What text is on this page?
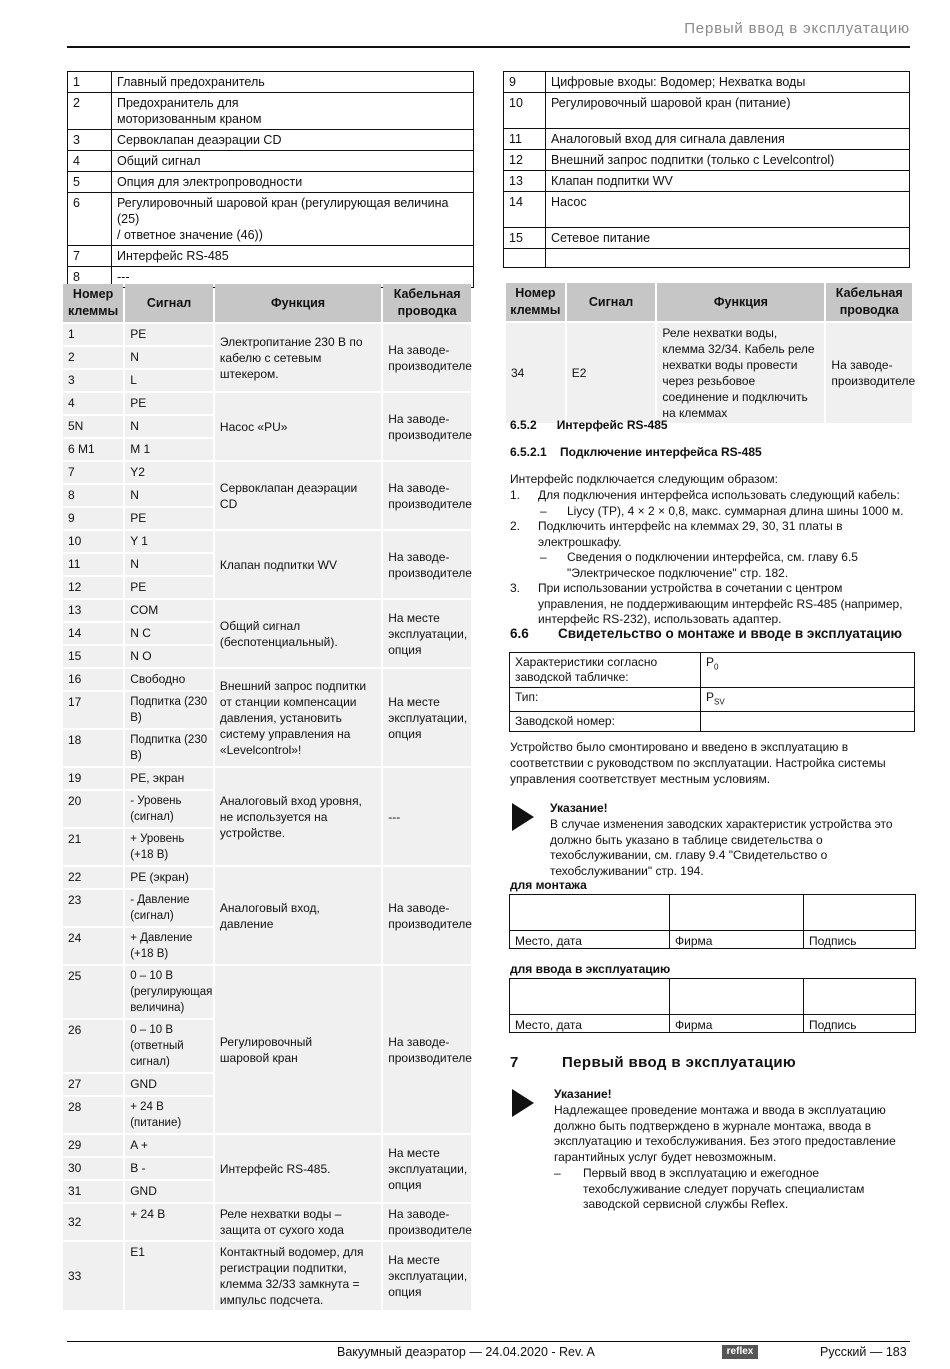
Первый ввод в эксплуатацию
1	Главный предохранитель
2	Предохранитель для
моторизованным краном
3	Сервоклапан деаэрации CD
4	Общий сигнал
5	Опция для электропроводности
6	Регулировочный шаровой кран (регулирующая величина (25)
/ ответное значение (46))
7	Интерфейс RS-485
8	---
9	Цифровые входы: Водомер; Нехватка воды
10	Регулировочный шаровой кран (питание)
11	Аналоговый вход для сигнала давления
12	Внешний запрос подпитки (только с Levelcontrol)
13	Клапан подпитки WV
14	Насос
15	Сетевое питание

Номер клеммы	Сигнал	Функция	Кабельная проводка
1	PE	Электропитание 230 В по кабелю с сетевым штекером.	На заводе-производителе
2	N		
3	L		
4	PE	Насос «PU»	На заводе-производителе
5N	N		
6 M1	M 1		
7	Y2	Сервоклапан деаэрации CD	На заводе-производителе
8	N		
9	PE		
10	Y 1	Клапан подпитки WV	На заводе-производителе
11	N		
12	PE		
13	COM	Общий сигнал (беспотенциальный).	На месте эксплуатации, опция
14	N C		
15	N O		
16	Свободно	Внешний запрос подпитки от станции компенсации давления, установить систему управления на «Levelcontrol»!	На месте эксплуатации, опция
17	Подпитка (230 В)		
18	Подпитка (230 В)		
19	PE, экран	Аналоговый вход уровня, не используется на устройстве.	---
20	- Уровень (сигнал)		
21	+ Уровень (+18 В)		
22	PE (экран)	Аналоговый вход, давление	На заводе-производителе
23	- Давление (сигнал)		
24	+ Давление (+18 В)		
25	0 – 10 В (регулирующая величина)	Регулировочный шаровой кран	На заводе-производителе
26	0 – 10 В (ответный сигнал)		
27	GND		
28	+ 24 В (питание)		
29	A +	Интерфейс RS-485.	На месте эксплуатации, опция
30	B -		
31	GND		
32	+ 24 В	Реле нехватки воды – защита от сухого хода	На заводе-производителе
33	E1	Контактный водомер, для регистрации подпитки, клемма 32/33 замкнута = импульс подсчета.	На месте эксплуатации, опция
Номер клеммы	Сигнал	Функция	Кабельная проводка
34	E2	Реле нехватки воды, клемма 32/34. Кабель реле нехватки воды провести через резьбовое соединение и подключить на клеммах	На заводе-производителе
6.5.2      Интерфейс RS-485
6.5.2.1    Подключение интерфейса RS-485
Интерфейс подключается следующим образом:
1. Для подключения интерфейса использовать следующий кабель:
– Liycy (TP), 4 × 2 × 0,8, макс. суммарная длина шины 1000 м.
2. Подключить интерфейс на клеммах 29, 30, 31 платы в электрошкафу.
– Сведения о подключении интерфейса, см. главу 6.5 "Электрическое подключение" стр. 182.
3. При использовании устройства в сочетании с центром управления, не поддерживающим интерфейс RS-485 (например, интерфейс RS-232), использовать адаптер.
6.6 Свидетельство о монтаже и вводе в эксплуатацию
Характеристики согласно заводской табличке:	$P_0$
Тип:	$P_{SV}$
Заводской номер:	
Устройство было смонтировано и введено в эксплуатацию в соответствии с руководством по эксплуатации. Настройка системы управления соответствует местным условиям.
Указание!
В случае изменения заводских характеристик устройства это должно быть указано в таблице свидетельства о техобслуживании, см. главу 9.4 "Свидетельство о техобслуживании" стр. 194.
для монтажа

Место, дата	Фирма	Подпись
для ввода в эксплуатацию

Место, дата	Фирма	Подпись
7	Первый ввод в эксплуатацию
Указание!
Надлежащее проведение монтажа и ввода в эксплуатацию должно быть подтверждено в журнале монтажа, ввода в эксплуатацию и техобслуживания. Без этого предоставление гарантийных услуг будет невозможным.
– Первый ввод в эксплуатацию и ежегодное техобслуживание следует поручать специалистам заводской сервисной службы Reflex.
Вакуумный деаэратор — 24.04.2020 - Rev. A	reflex	Русский — 183
